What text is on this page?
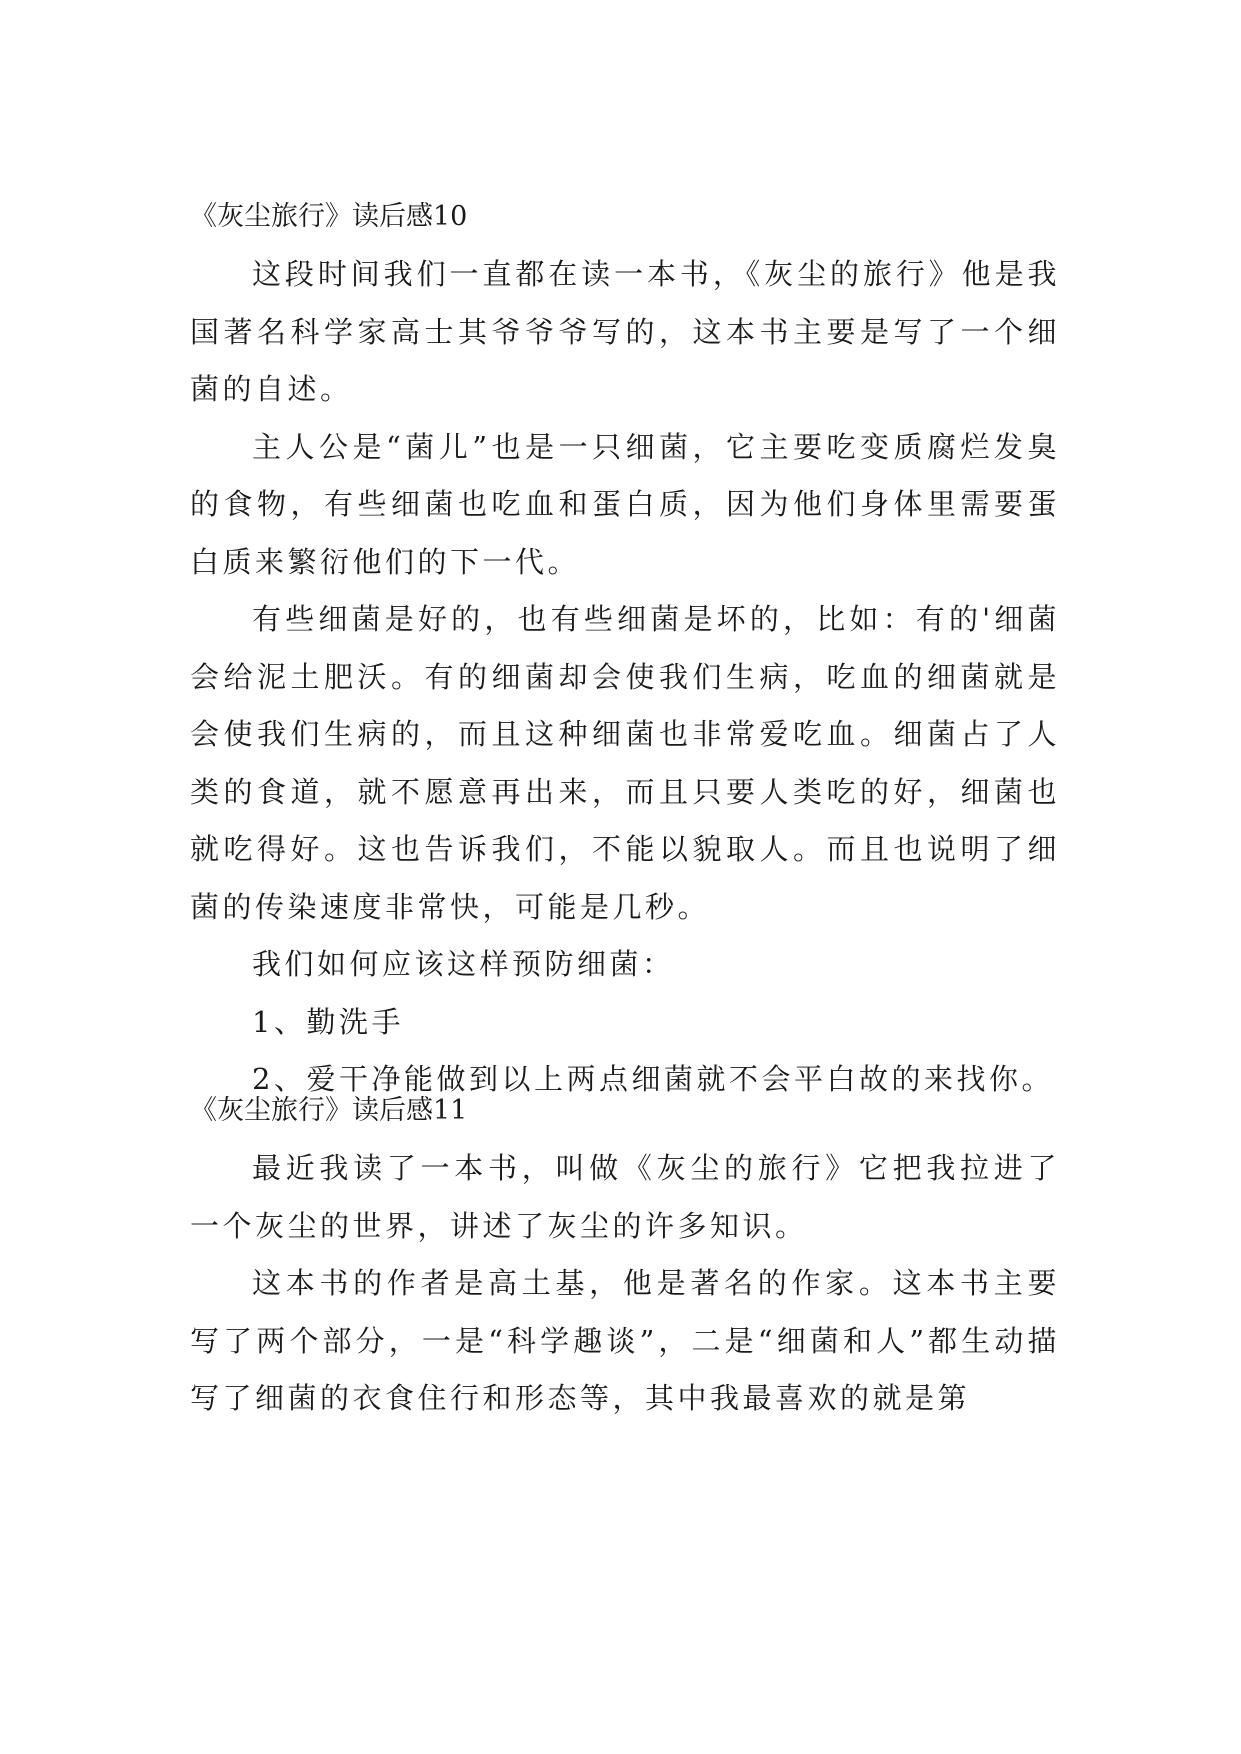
《灰尘旅行》读后感10

这段时间我们一直都在读一本书，《灰尘的旅行》他是我国著名科学家高士其爷爷爷写的，这本书主要是写了一个细菌的自述。

主人公是“菌儿”也是一只细菌，它主要吃变质腐烂发臭的食物，有些细菌也吃血和蛋白质，因为他们身体里需要蛋白质来繁衍他们的下一代。

有些细菌是好的，也有些细菌是坏的，比如：有的'细菌会给泥土肥沃。有的细菌却会使我们生病，吃血的细菌就是会使我们生病的，而且这种细菌也非常爱吃血。细菌占了人类的食道，就不愿意再出来，而且只要人类吃的好，细菌也就吃得好。这也告诉我们，不能以貌取人。而且也说明了细菌的传染速度非常快，可能是几秒。

我们如何应该这样预防细菌：

1、勤洗手

2、爱干净能做到以上两点细菌就不会平白故的来找你。

《灰尘旅行》读后感11

最近我读了一本书，叫做《灰尘的旅行》它把我拉进了一个灰尘的世界，讲述了灰尘的许多知识。

这本书的作者是高土基，他是著名的作家。这本书主要写了两个部分，一是“科学趣谈”，二是“细菌和人”都生动描写了细菌的衣食住行和形态等，其中我最喜欢的就是第
